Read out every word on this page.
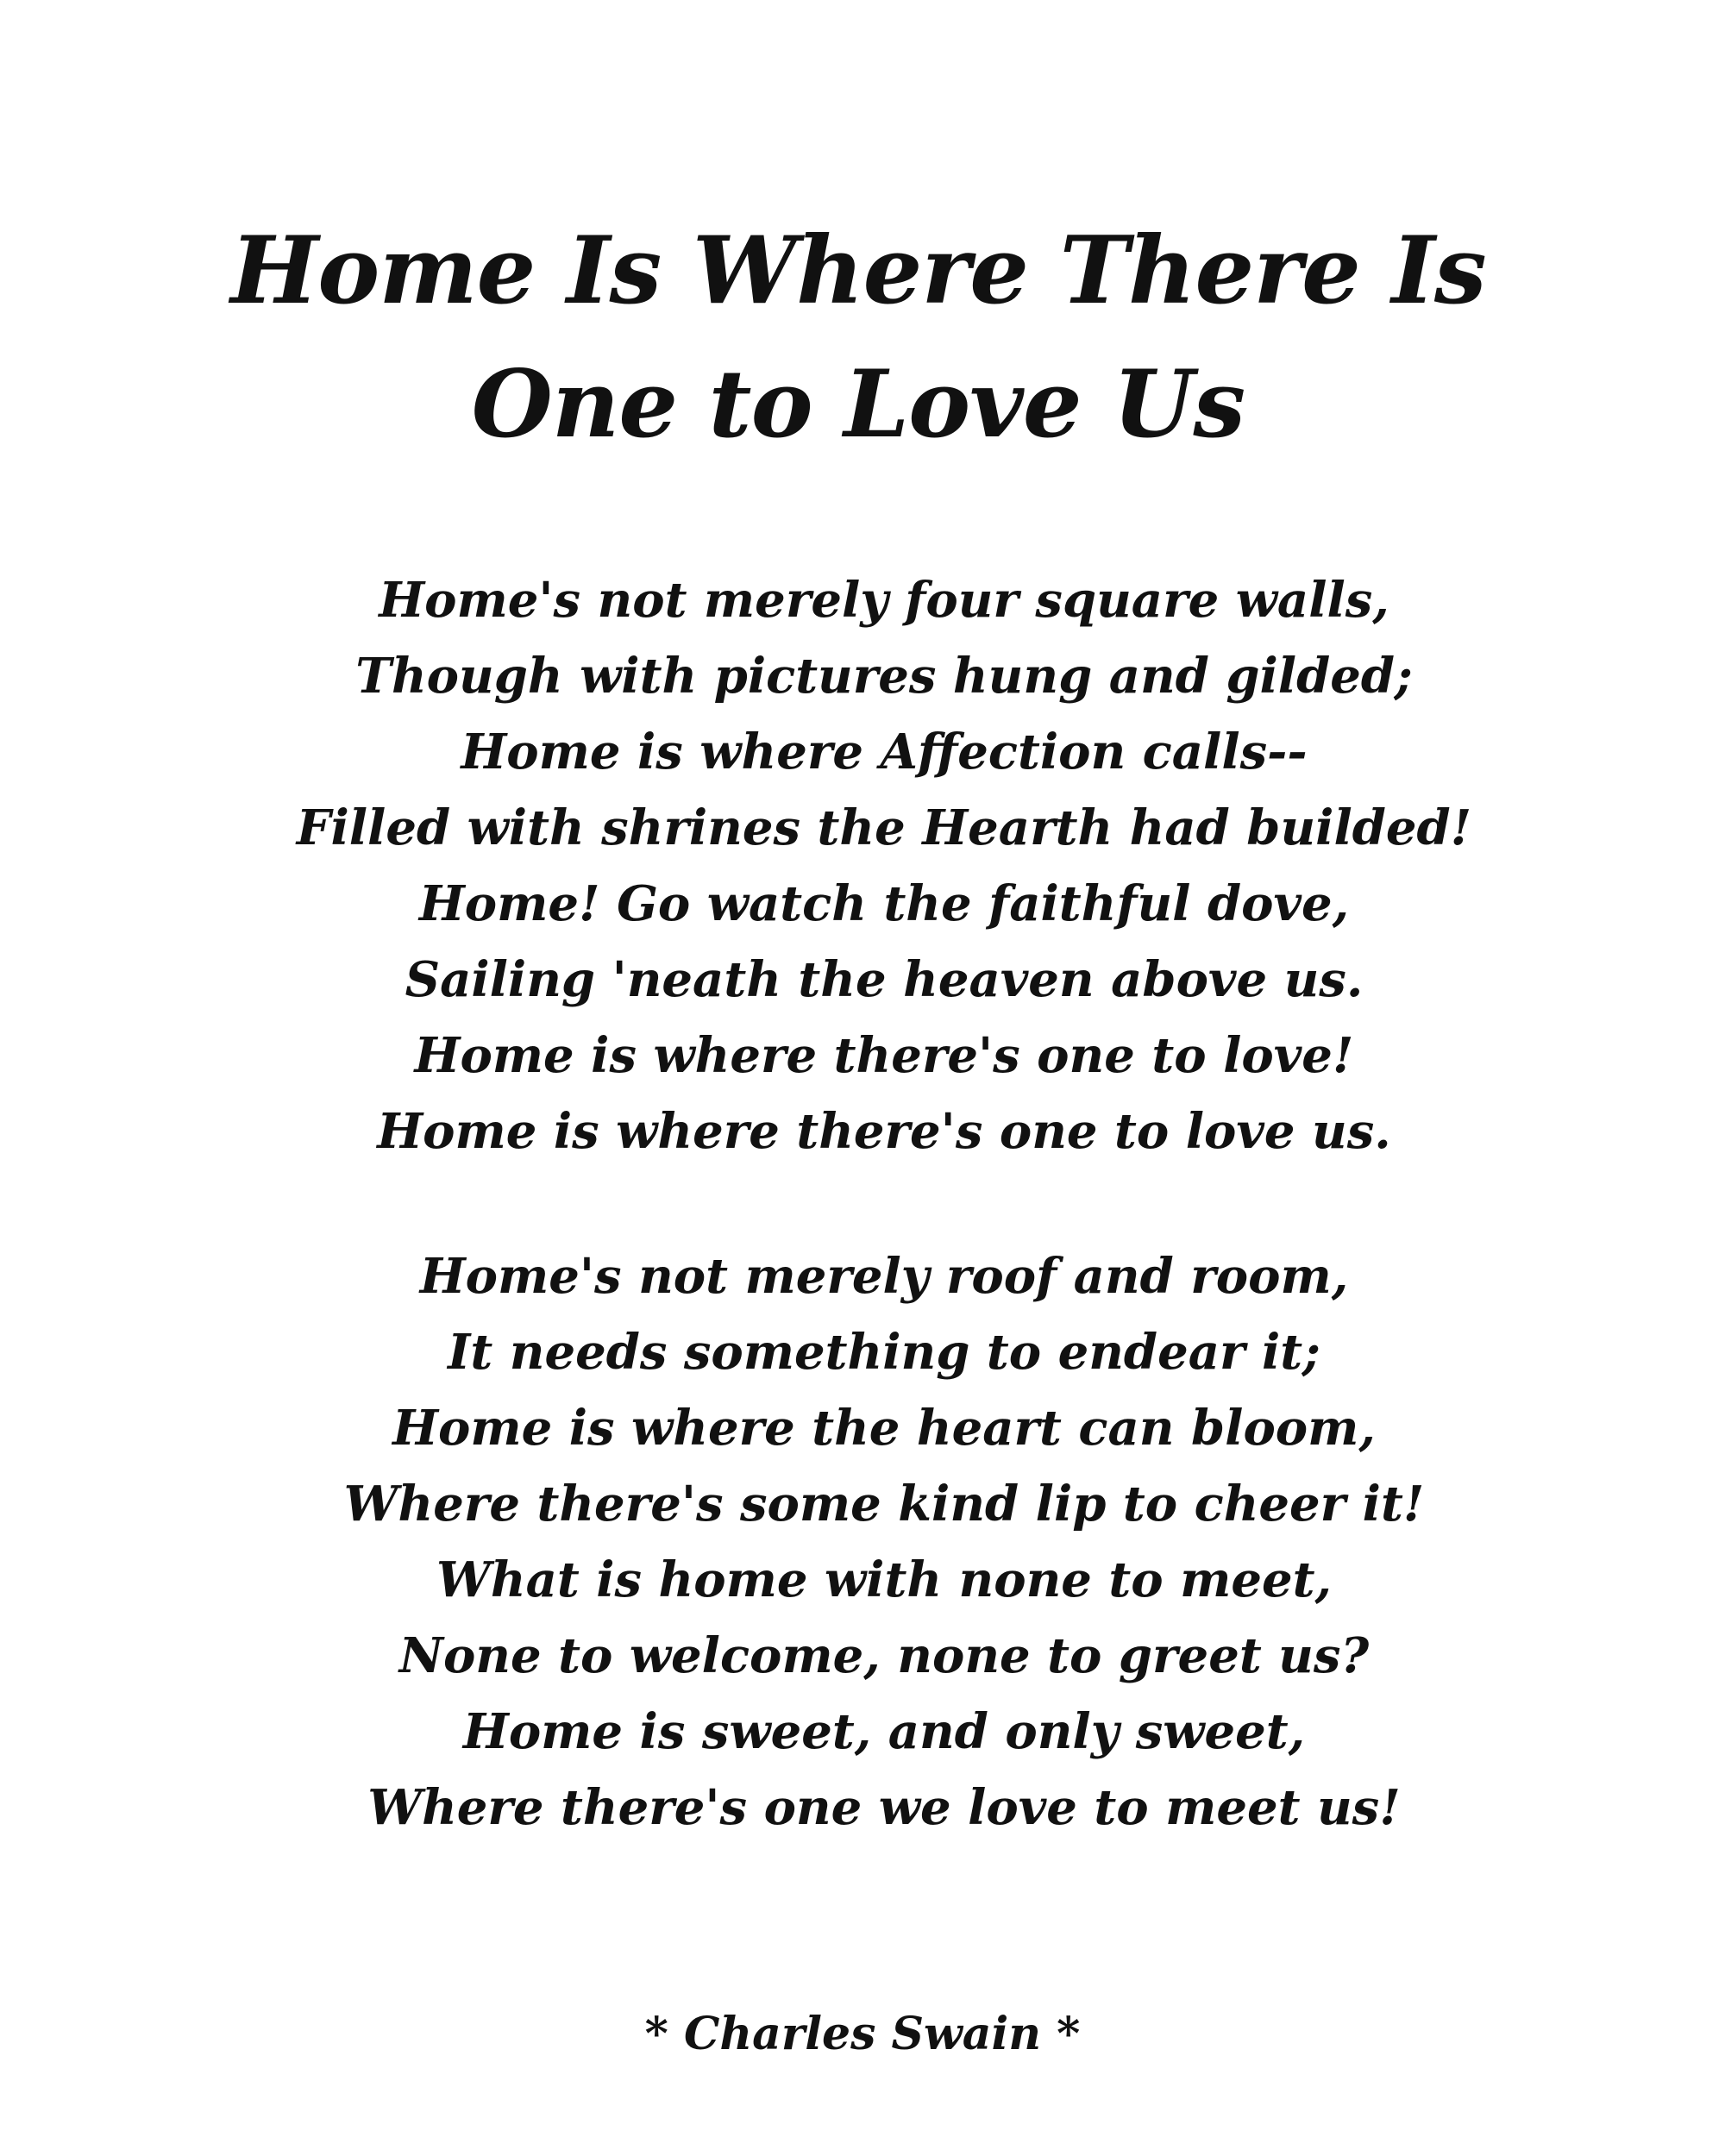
Home Is Where There Is
One to Love Us
Home's not merely four square walls,
Though with pictures hung and gilded;
Home is where Affection calls--
Filled with shrines the Hearth had builded!
Home! Go watch the faithful dove,
Sailing 'neath the heaven above us.
Home is where there's one to love!
Home is where there's one to love us.
Home's not merely roof and room,
It needs something to endear it;
Home is where the heart can bloom,
Where there's some kind lip to cheer it!
What is home with none to meet,
None to welcome, none to greet us?
Home is sweet, and only sweet,
Where there's one we love to meet us!

* Charles Swain *
